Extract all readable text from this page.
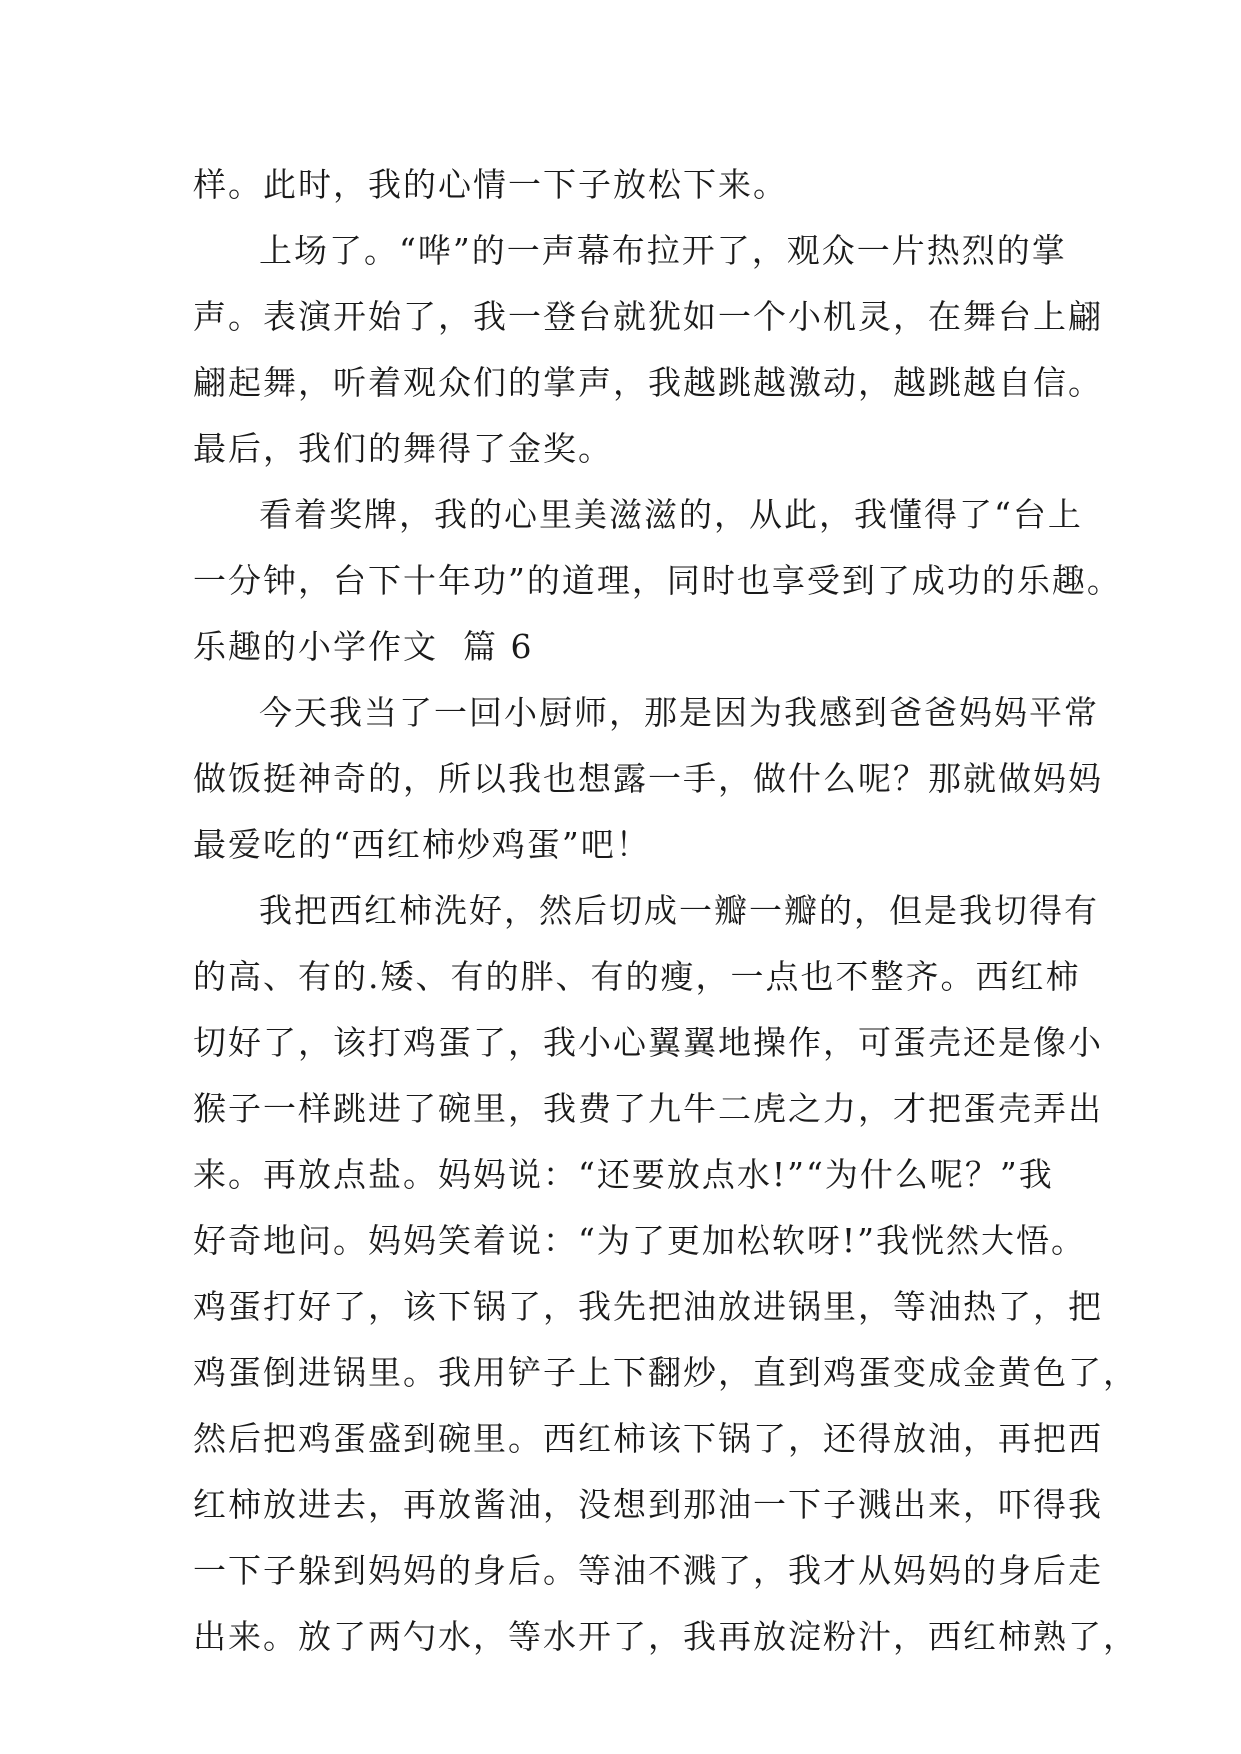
样。此时，我的心情一下子放松下来。
上场了。“哗”的一声幕布拉开了，观众一片热烈的掌
声。表演开始了，我一登台就犹如一个小机灵，在舞台上翩
翩起舞，听着观众们的掌声，我越跳越激动，越跳越自信。
最后，我们的舞得了金奖。
看着奖牌，我的心里美滋滋的，从此，我懂得了“台上
一分钟，台下十年功”的道理，同时也享受到了成功的乐趣。
乐趣的小学作文  篇 6
今天我当了一回小厨师，那是因为我感到爸爸妈妈平常
做饭挺神奇的，所以我也想露一手，做什么呢？那就做妈妈
最爱吃的“西红柿炒鸡蛋”吧！
我把西红柿洗好，然后切成一瓣一瓣的，但是我切得有
的高、有的.矮、有的胖、有的瘦，一点也不整齐。西红柿
切好了，该打鸡蛋了，我小心翼翼地操作，可蛋壳还是像小
猴子一样跳进了碗里，我费了九牛二虎之力，才把蛋壳弄出
来。再放点盐。妈妈说：“还要放点水!”“为什么呢？”我
好奇地问。妈妈笑着说：“为了更加松软呀!”我恍然大悟。
鸡蛋打好了，该下锅了，我先把油放进锅里，等油热了，把
鸡蛋倒进锅里。我用铲子上下翻炒，直到鸡蛋变成金黄色了，
然后把鸡蛋盛到碗里。西红柿该下锅了，还得放油，再把西
红柿放进去，再放酱油，没想到那油一下子溅出来，吓得我
一下子躲到妈妈的身后。等油不溅了，我才从妈妈的身后走
出来。放了两勺水，等水开了，我再放淀粉汁，西红柿熟了，
